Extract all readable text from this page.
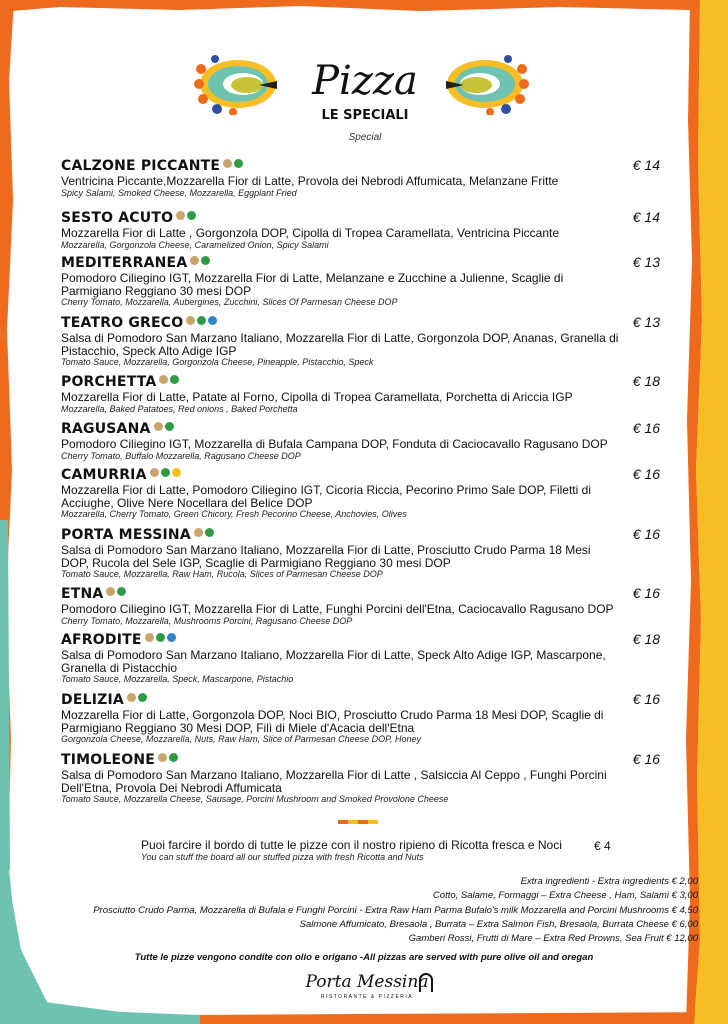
Pizza
LE SPECIALI
Special
CALZONE PICCANTE
Ventricina Piccante,Mozzarella Fior di Latte, Provola dei Nebrodi Affumicata, Melanzane Fritte
Spicy Salami, Smoked Cheese, Mozzarella, Eggplant Fried
€ 14
SESTO ACUTO
Mozzarella Fior di Latte , Gorgonzola DOP, Cipolla di Tropea Caramellata, Ventricina Piccante
Mozzarella, Gorgonzola Cheese, Caramelized Onion, Spicy Salami
€ 14
MEDITERRANEA
Pomodoro Ciliegino IGT, Mozzarella Fior di Latte, Melanzane e Zucchine a Julienne, Scaglie di Parmigiano Reggiano 30 mesi DOP
Cherry Tomato, Mozzarella, Aubergines, Zucchini, Slices Of Parmesan Cheese DOP
€ 13
TEATRO GRECO
Salsa di Pomodoro San Marzano Italiano, Mozzarella Fior di Latte, Gorgonzola DOP, Ananas, Granella di Pistacchio, Speck Alto Adige IGP
Tomato Sauce, Mozzarella, Gorgonzola Cheese, Pineapple, Pistacchio, Speck
€ 13
PORCHETTA
Mozzarella Fior di Latte, Patate al Forno, Cipolla di Tropea Caramellata, Porchetta di Ariccia IGP
Mozzarella, Baked Patatoes, Red onions , Baked Porchetta
€ 18
RAGUSANA
Pomodoro Ciliegino IGT, Mozzarella di Bufala Campana DOP, Fonduta di Caciocavallo Ragusano DOP
Cherry Tomato, Buffalo Mozzarella, Ragusano Cheese DOP
€ 16
CAMURRIA
Mozzarella Fior di Latte, Pomodoro Ciliegino IGT, Cicoria Riccia, Pecorino Primo Sale DOP, Filetti di Acciughe, Olive Nere Nocellara del Belice DOP
Mozzarella, Cherry Tomato, Green Chicory, Fresh Pecorino Cheese, Anchovies, Olives
€ 16
PORTA MESSINA
Salsa di Pomodoro San Marzano Italiano, Mozzarella Fior di Latte, Prosciutto Crudo Parma 18 Mesi DOP, Rucola del Sele IGP, Scaglie di Parmigiano Reggiano 30 mesi DOP
Tomato Sauce, Mozzarella, Raw Ham, Rucola, Slices of Parmesan Cheese DOP
€ 16
ETNA
Pomodoro Ciliegino IGT, Mozzarella Fior di Latte, Funghi Porcini dell'Etna, Caciocavallo Ragusano DOP
Cherry Tomato, Mozzarella, Mushrooms Porcini, Ragusano Cheese DOP
€ 16
AFRODITE
Salsa di Pomodoro San Marzano Italiano, Mozzarella Fior di Latte, Speck Alto Adige IGP, Mascarpone, Granella di Pistacchio
Tomato Sauce, Mozzarella, Speck, Mascarpone, Pistachio
€ 18
DELIZIA
Mozzarella Fior di Latte, Gorgonzola DOP, Noci BIO, Prosciutto Crudo Parma 18 Mesi DOP, Scaglie di Parmigiano Reggiano 30 Mesi DOP, Filì di Miele d'Acacia dell'Etna
Gorgonzola Cheese, Mozzarella, Nuts, Raw Ham, Slice of Parmesan Cheese DOP, Honey
€ 16
TIMOLEONE
Salsa di Pomodoro San Marzano Italiano, Mozzarella Fior di Latte , Salsiccia Al Ceppo , Funghi Porcini Dell'Etna, Provola Dei Nebrodi Affumicata
Tomato Sauce, Mozzarella Cheese, Sausage, Porcini Mushroom and Smoked Provolone Cheese
€ 16
Puoi farcire il bordo di tutte le pizze con il nostro ripieno di Ricotta fresca e Noci
You can stuff the board all our stuffed pizza with fresh Ricotta and Nuts
€ 4
Extra ingredienti - Extra ingredients € 2,00
Cotto, Salame, Formaggi – Extra Cheese , Ham, Salami € 3,00
Prosciutto Crudo Parma, Mozzarella di Bufala e Funghi Porcini - Extra Raw Ham Parma Bufalo's milk Mozzarella and Porcini Mushrooms € 4,50
Salmone Affumicato, Bresaola , Burrata – Extra Salmon Fish, Bresaola, Burrata Cheese € 6,00
Gamberi Rossi, Frutti di Mare – Extra Red Prowns, Sea Fruit € 12,00
Tutte le pizze vengono condite con olio e origano -All pizzas are served with pure olive oil and oregan
Porta Messina
RISTORANTE & PIZZERIA
